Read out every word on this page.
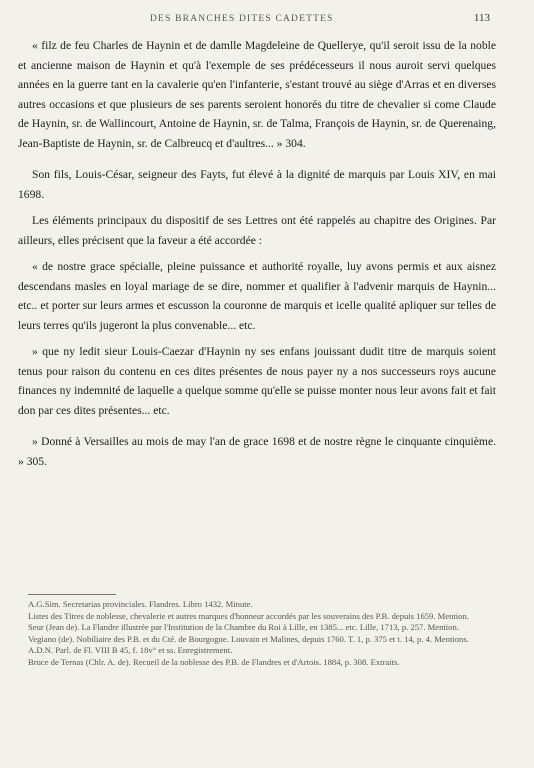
DES BRANCHES DITES CADETTES	113

« filz de feu Charles de Haynin et de damlle Magdeleine de Quellerye, qu'il seroit issu de la noble et ancienne maison de Haynin et qu'à l'exemple de ses prédécesseurs il nous auroit servi quelques années en la guerre tant en la cavalerie qu'en l'infanterie, s'estant trouvé au siège d'Arras et en diverses autres occasions et que plusieurs de ses parents seroient honorés du titre de chevalier si come Claude de Haynin, sr. de Wallincourt, Antoine de Haynin, sr. de Talma, François de Haynin, sr. de Querenaing, Jean-Baptiste de Haynin, sr. de Calbreucq et d'aultres... » 304.

Son fils, Louis-César, seigneur des Fayts, fut élevé à la dignité de marquis par Louis XIV, en mai 1698.

Les éléments principaux du dispositif de ses Lettres ont été rappelés au chapitre des Origines. Par ailleurs, elles précisent que la faveur a été accordée :

« de nostre grace spécialle, pleine puissance et authorité royalle, luy avons permis et aux aisnez descendans masles en loyal mariage de se dire, nommer et qualifier à l'advenir marquis de Haynin... etc.. et porter sur leurs armes et escusson la couronne de marquis et icelle qualité apliquer sur telles de leurs terres qu'ils jugeront la plus convenable... etc.

» que ny ledit sieur Louis-Caezar d'Haynin ny ses enfans jouissant dudit titre de marquis soient tenus pour raison du contenu en ces dites présentes de nous payer ny a nos successeurs roys aucune finances ny indemnité de laquelle a quelque somme qu'elle se puisse monter nous leur avons fait et fait don par ces dites présentes... etc.

» Donné à Versailles au mois de may l'an de grace 1698 et de nostre règne le cinquante cinquième. » 305.

A.G.Sim. Secretarias provinciales. Flandres. Libro 1432. Minute.

Listes des Titres de noblesse, chevalerie et autres marques d'honneur accordés par les souverains des P.B. depuis 1659. Mention.

Seur (Jean de). La Flandre illustrée par l'Institution de la Chambre du Roi à Lille, en 1385... etc. Lille, 1713, p. 257. Mention.

Vegiano (de). Nobiliaire des P.B. et du Cté. de Bourgogne. Louvain et Malines, depuis 1760. T. 1, p. 375 et t. 14, p. 4. Mentions.

A.D.N. Parl. de Fl. VIII B 45, f. 18v° et ss. Enregistrement.

Bruce de Ternas (Chlr. A. de). Recueil de la noblesse des P.B. de Flandres et d'Artois. 1884, p. 308. Extraits.
